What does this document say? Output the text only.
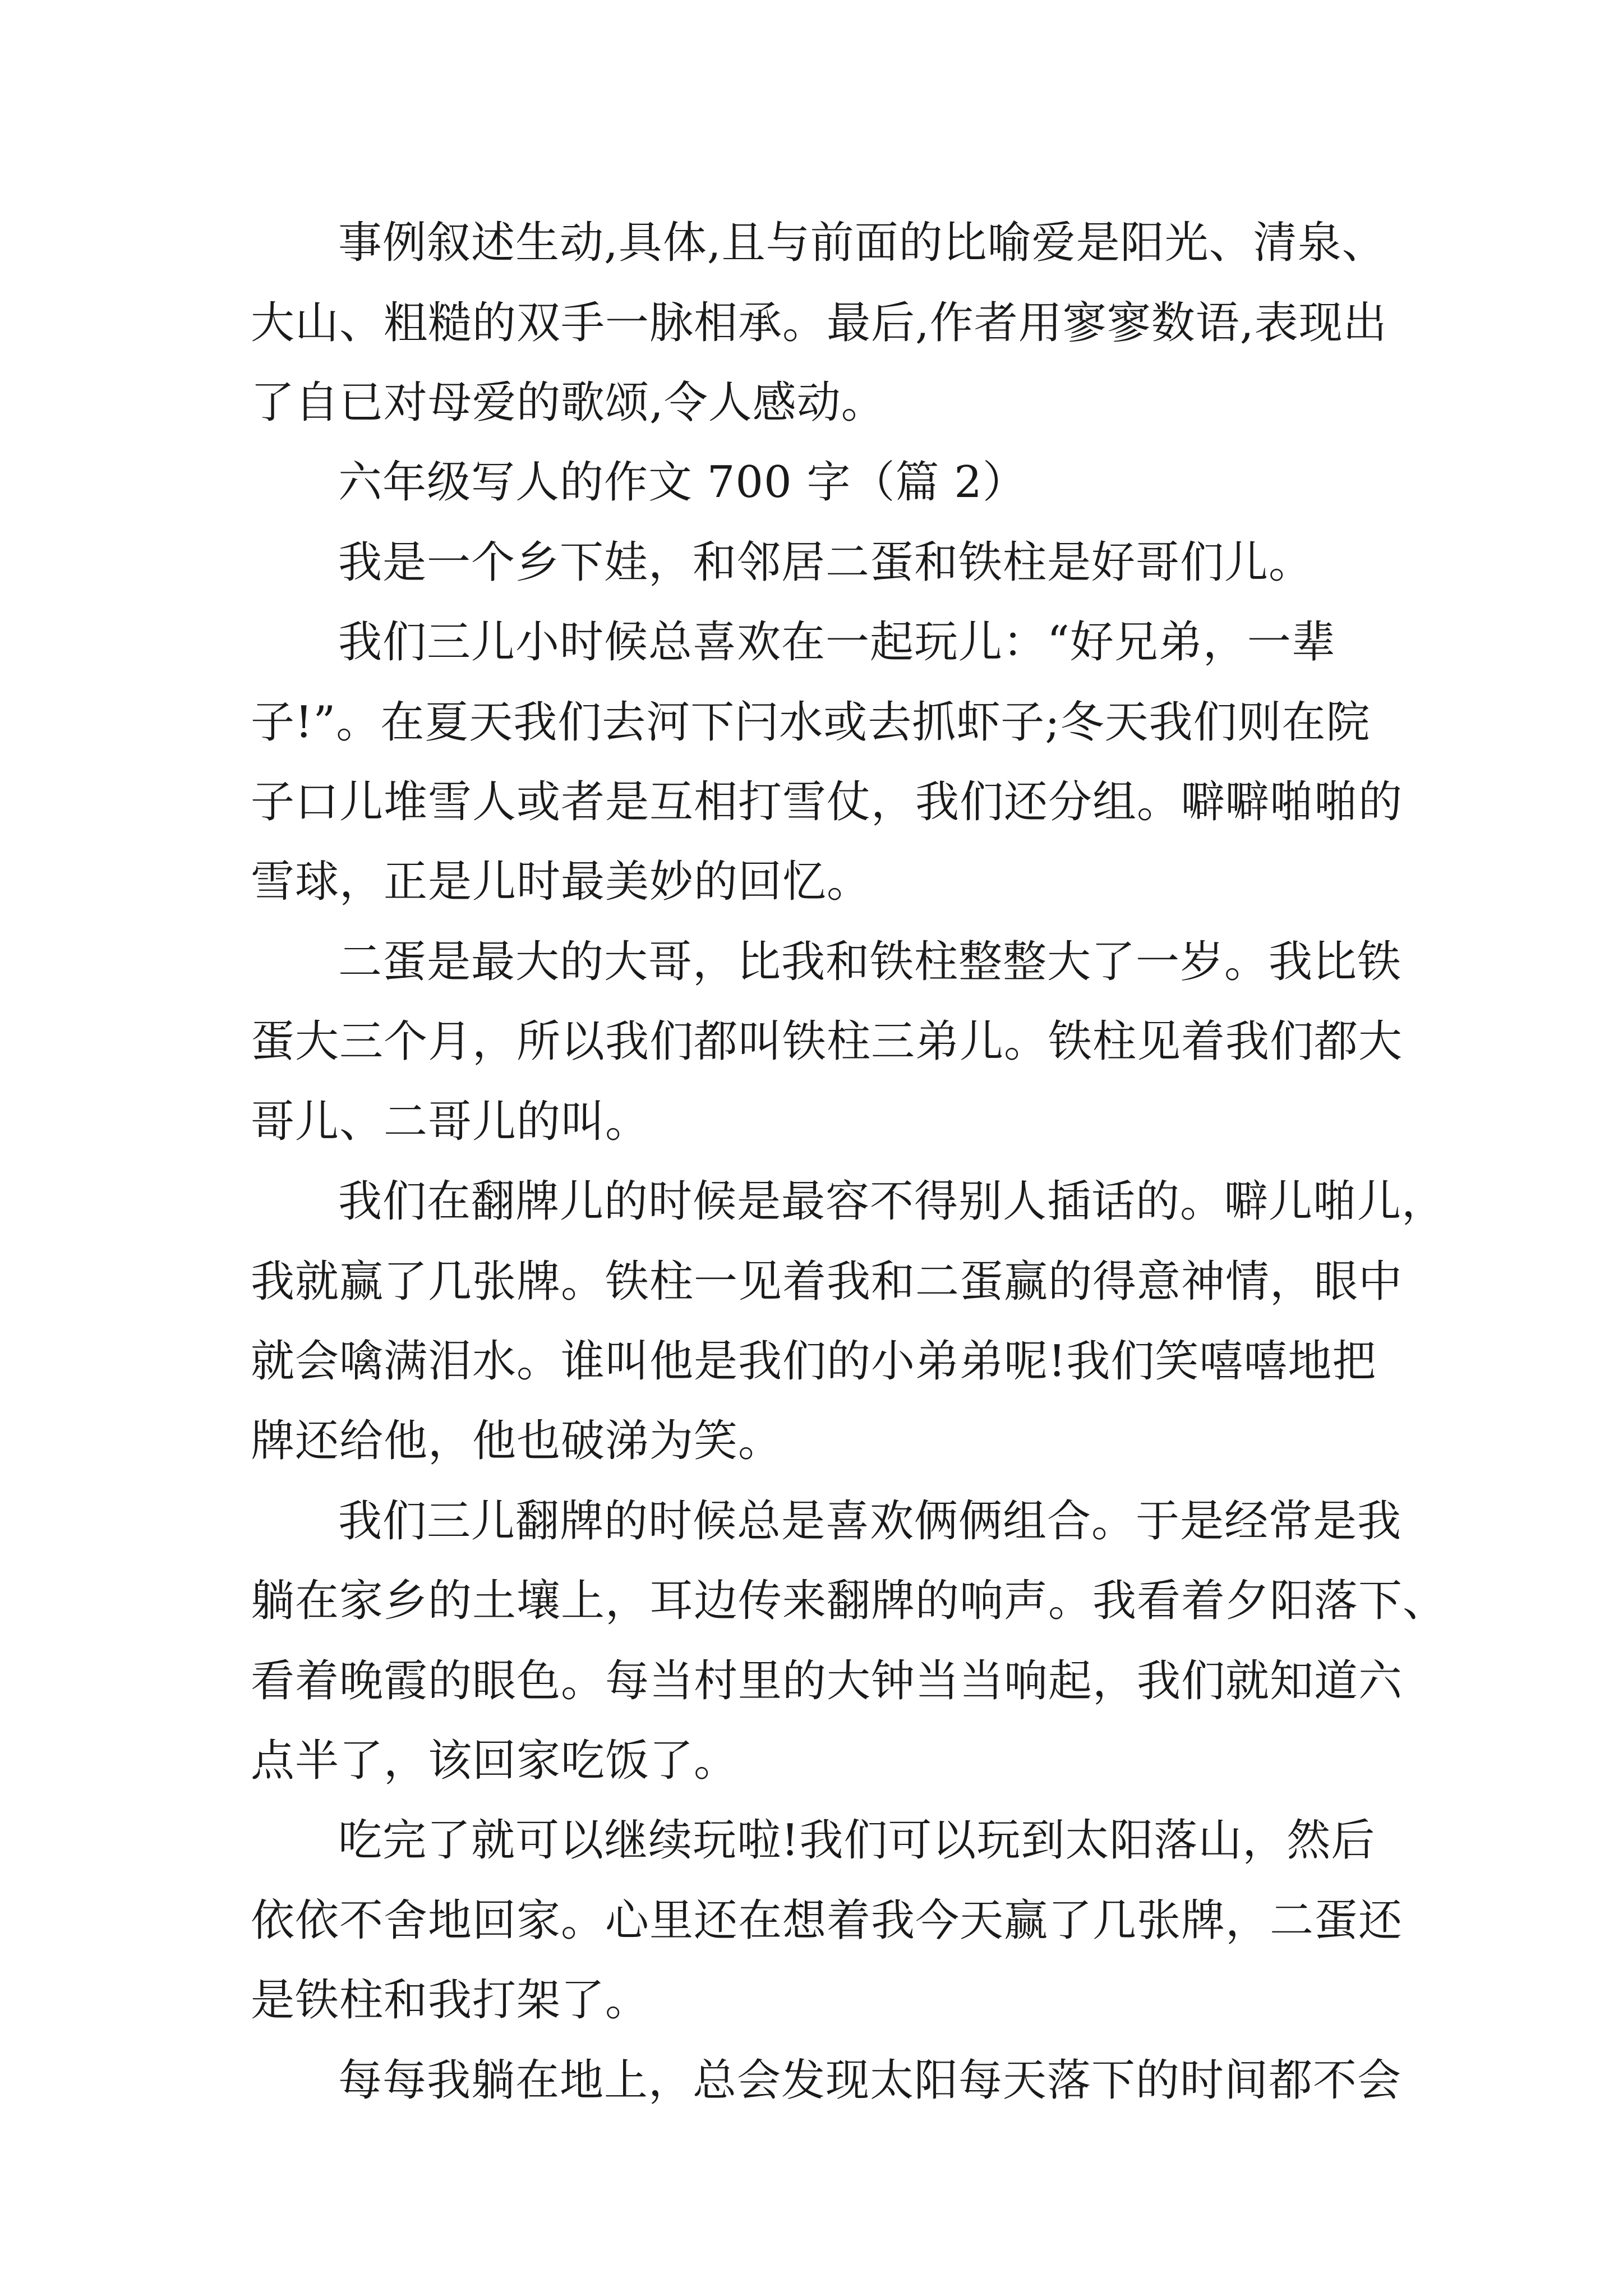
事例叙述生动,具体,且与前面的比喻爱是阳光、清泉、
大山、粗糙的双手一脉相承。最后,作者用寥寥数语,表现出
了自已对母爱的歌颂,令人感动。
六年级写人的作文 700 字（篇 2）
我是一个乡下娃，和邻居二蛋和铁柱是好哥们儿。
我们三儿小时候总喜欢在一起玩儿：“好兄弟，一辈
子!”。在夏天我们去河下闩水或去抓虾子;冬天我们则在院
子口儿堆雪人或者是互相打雪仗，我们还分组。噼噼啪啪的
雪球，正是儿时最美妙的回忆。
二蛋是最大的大哥，比我和铁柱整整大了一岁。我比铁
蛋大三个月，所以我们都叫铁柱三弟儿。铁柱见着我们都大
哥儿、二哥儿的叫。
我们在翻牌儿的时候是最容不得别人插话的。噼儿啪儿，
我就赢了几张牌。铁柱一见着我和二蛋赢的得意神情，眼中
就会噙满泪水。谁叫他是我们的小弟弟呢!我们笑嘻嘻地把
牌还给他，他也破涕为笑。
我们三儿翻牌的时候总是喜欢俩俩组合。于是经常是我
躺在家乡的土壤上，耳边传来翻牌的响声。我看着夕阳落下、
看着晚霞的眼色。每当村里的大钟当当响起，我们就知道六
点半了，该回家吃饭了。
吃完了就可以继续玩啦!我们可以玩到太阳落山，然后
依依不舍地回家。心里还在想着我今天赢了几张牌，二蛋还
是铁柱和我打架了。
每每我躺在地上，总会发现太阳每天落下的时间都不会
